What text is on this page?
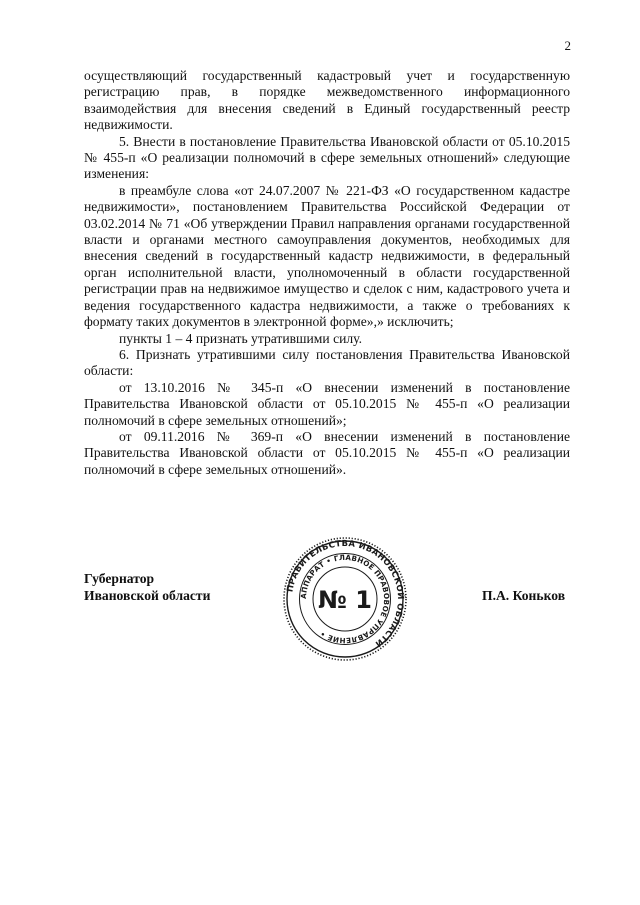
2

осуществляющий государственный кадастровый учет и государственную регистрацию прав, в порядке межведомственного информационного взаимодействия для внесения сведений в Единый государственный реестр недвижимости.

5. Внести в постановление Правительства Ивановской области от 05.10.2015 № 455-п «О реализации полномочий в сфере земельных отношений» следующие изменения:

в преамбуле слова «от 24.07.2007 № 221-ФЗ «О государственном кадастре недвижимости», постановлением Правительства Российской Федерации от 03.02.2014 № 71 «Об утверждении Правил направления органами государственной власти и органами местного самоуправления документов, необходимых для внесения сведений в государственный кадастр недвижимости, в федеральный орган исполнительной власти, уполномоченный в области государственной регистрации прав на недвижимое имущество и сделок с ним, кадастрового учета и ведения государственного кадастра недвижимости, а также о требованиях к формату таких документов в электронной форме»,» исключить;

пункты 1 – 4 признать утратившими силу.

6. Признать утратившими силу постановления Правительства Ивановской области:

от 13.10.2016 № 345-п «О внесении изменений в постановление Правительства Ивановской области от 05.10.2015 № 455-п «О реализации полномочий в сфере земельных отношений»;

от 09.11.2016 № 369-п «О внесении изменений в постановление Правительства Ивановской области от 05.10.2015 № 455-п «О реализации полномочий в сфере земельных отношений».

Губернатор
Ивановской области	П.А. Коньков
ПРАВИТЕЛЬСТВА ИВАНОВСКОЙ ОБЛАСТИ
АППАРАТ • ГЛАВНОЕ ПРАВОВОЕ УПРАВЛЕНИЕ •
№ 1
